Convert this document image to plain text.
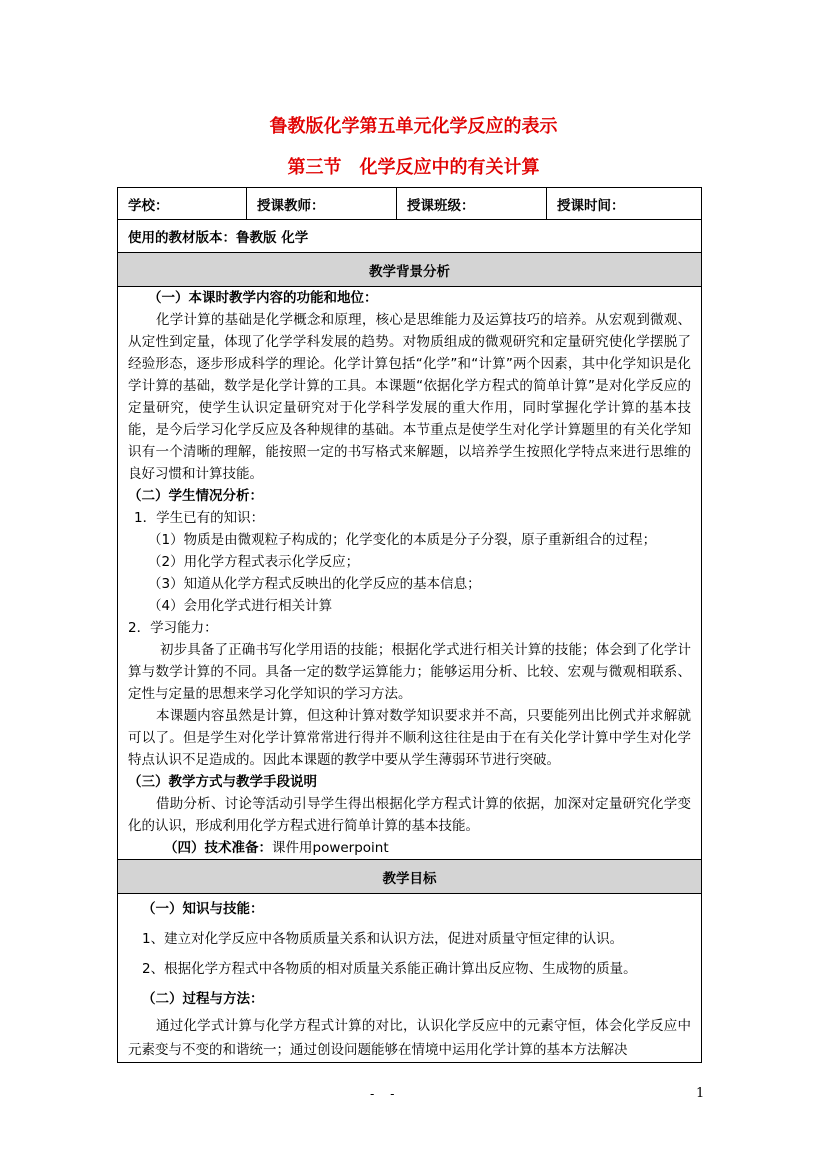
鲁教版化学第五单元化学反应的表示
第三节　化学反应中的有关计算
学校：	授课教师：	授课班级：	授课时间：
使用的教材版本：鲁教版 化学
教学背景分析

（一）本课时教学内容的功能和地位：

化学计算的基础是化学概念和原理，核心是思维能力及运算技巧的培养。从宏观到微观、从定性到定量，体现了化学学科发展的趋势。对物质组成的微观研究和定量研究使化学摆脱了经验形态，逐步形成科学的理论。化学计算包括“化学”和“计算”两个因素，其中化学知识是化学计算的基础，数学是化学计算的工具。本课题“依据化学方程式的简单计算”是对化学反应的定量研究，使学生认识定量研究对于化学科学发展的重大作用，同时掌握化学计算的基本技能，是今后学习化学反应及各种规律的基础。本节重点是使学生对化学计算题里的有关化学知识有一个清晰的理解，能按照一定的书写格式来解题，以培养学生按照化学特点来进行思维的良好习惯和计算技能。

（二）学生情况分析：

1．学生已有的知识：

（1）物质是由微观粒子构成的；化学变化的本质是分子分裂，原子重新组合的过程；

（2）用化学方程式表示化学反应；

（3）知道从化学方程式反映出的化学反应的基本信息；

（4）会用化学式进行相关计算

2．学习能力：

初步具备了正确书写化学用语的技能；根据化学式进行相关计算的技能；体会到了化学计算与数学计算的不同。具备一定的数学运算能力；能够运用分析、比较、宏观与微观相联系、定性与定量的思想来学习化学知识的学习方法。

本课题内容虽然是计算，但这种计算对数学知识要求并不高，只要能列出比例式并求解就可以了。但是学生对化学计算常常进行得并不顺利这往往是由于在有关化学计算中学生对化学特点认识不足造成的。因此本课题的教学中要从学生薄弱环节进行突破。

（三）教学方式与教学手段说明

借助分析、讨论等活动引导学生得出根据化学方程式计算的依据，加深对定量研究化学变化的认识，形成利用化学方程式进行简单计算的基本技能。

（四）技术准备：课件用powerpoint

教学目标

（一）知识与技能：

1、建立对化学反应中各物质质量关系和认识方法，促进对质量守恒定律的认识。

2、根据化学方程式中各物质的相对质量关系能正确计算出反应物、生成物的质量。

（二）过程与方法：

通过化学式计算与化学方程式计算的对比，认识化学反应中的元素守恒，体会化学反应中元素变与不变的和谐统一；通过创设问题能够在情境中运用化学计算的基本方法解决

- -	1
